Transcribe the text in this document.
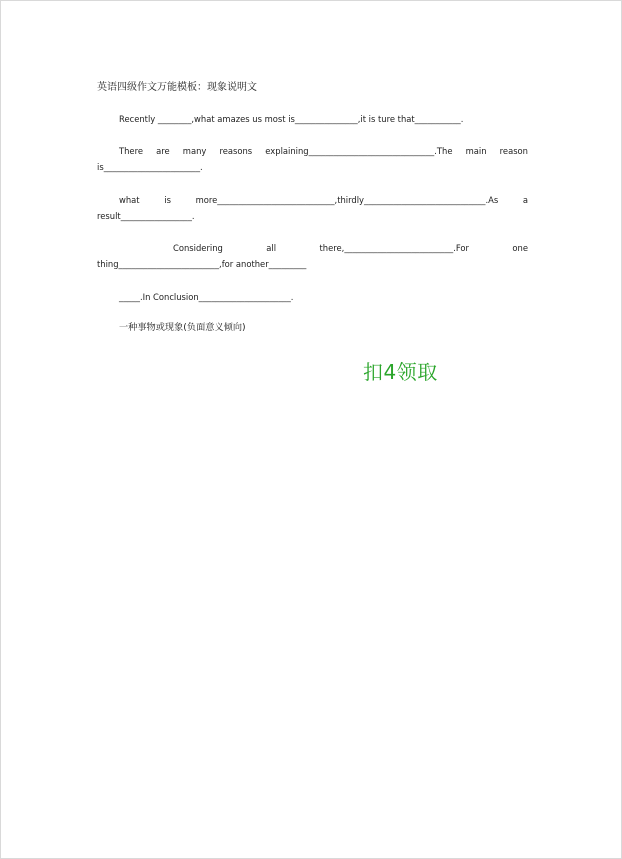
英语四级作文万能模板：现象说明文
Recently ________,what amazes us most is_______________,it is ture that___________.
There are many reasons explaining______________________________.The main reason
is_______________________.
what is more____________________________,thirdly_____________________________.As a
result_________________.
Considering all there,__________________________.For one
thing________________________,for another_________
_____.In Conclusion______________________.
一种事物或现象(负面意义倾向)
扣4领取
